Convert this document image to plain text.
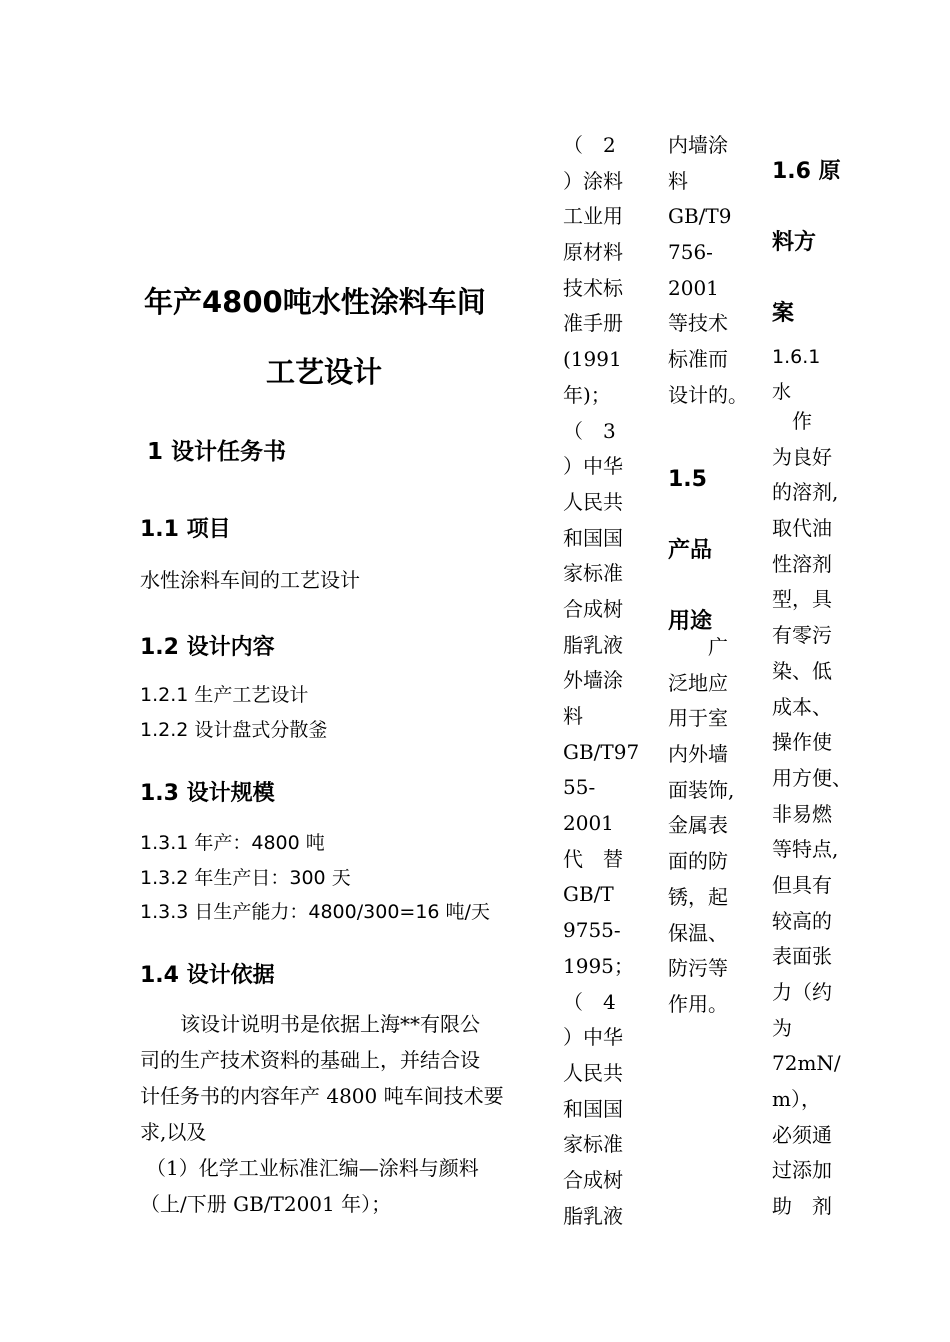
年产4800吨水性涂料车间
工艺设计
1 设计任务书
1.1 项目
水性涂料车间的工艺设计
1.2 设计内容
1.2.1 生产工艺设计
1.2.2 设计盘式分散釜
1.3 设计规模
1.3.1 年产：4800 吨
1.3.2 年生产日：300 天
1.3.3 日生产能力：4800/300=16 吨/天
1.4 设计依据
　　该设计说明书是依据上海**有限公
司的生产技术资料的基础上，并结合设
计任务书的内容年产 4800 吨车间技术要
求,以及
（1）化学工业标准汇编—涂料与颜料
（上/下册 GB/T2001 年）；
（　2
）涂料
工业用
原材料
技术标
准手册
(1991
年)；
（　3
）中华
人民共
和国国
家标准
合成树
脂乳液
外墙涂
料
GB/T97
55-
2001
代　替
GB/T
9755-
1995；
（　4
）中华
人民共
和国国
家标准
合成树
脂乳液
内墙涂
料
GB/T9
756-
2001
等技术
标准而
设计的。
1.5
产品
用途
　　广
泛地应
用于室
内外墙
面装饰,
金属表
面的防
锈，起
保温、
防污等
作用。
1.6 原
料方
案
1.6.1
水
　作
为良好
的溶剂,
取代油
性溶剂
型，具
有零污
染、低
成本、
操作使
用方便、
非易燃
等特点,
但具有
较高的
表面张
力（约
为
72mN/
m），
必须通
过添加
助　剂
